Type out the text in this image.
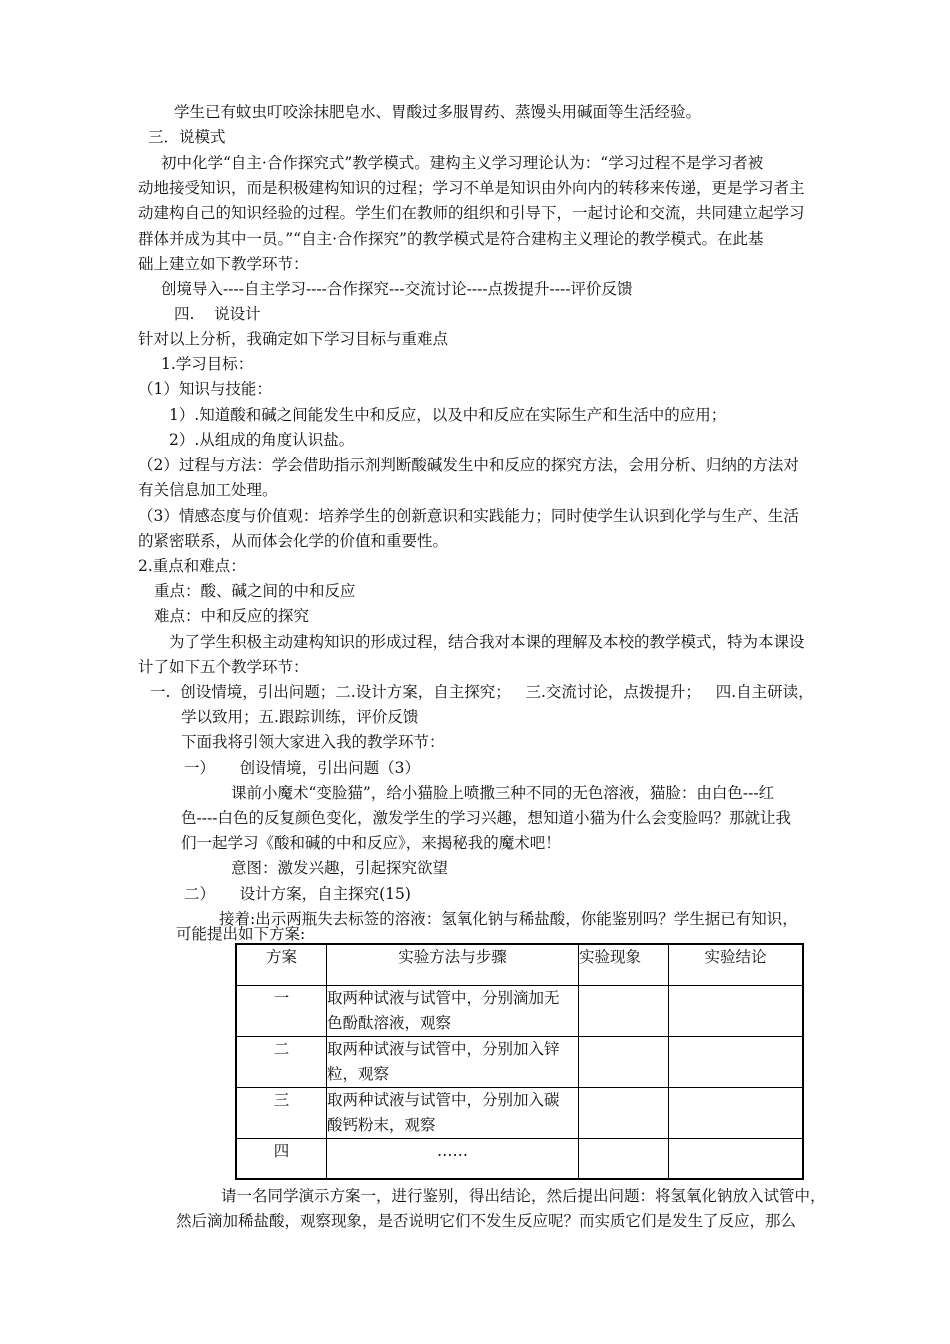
学生已有蚊虫叮咬涂抹肥皂水、胃酸过多服胃药、蒸馒头用碱面等生活经验。
三．说模式
初中化学“自主·合作探究式”教学模式。建构主义学习理论认为：“学习过程不是学习者被
动地接受知识，而是积极建构知识的过程；学习不单是知识由外向内的转移来传递，更是学习者主
动建构自己的知识经验的过程。学生们在教师的组织和引导下，一起讨论和交流，共同建立起学习
群体并成为其中一员。”“自主·合作探究”的教学模式是符合建构主义理论的教学模式。在此基
础上建立如下教学环节：
创境导入----自主学习----合作探究---交流讨论----点拨提升----评价反馈
四.    说设计
针对以上分析，我确定如下学习目标与重难点
1.学习目标：
（1）知识与技能：
1）.知道酸和碱之间能发生中和反应，以及中和反应在实际生产和生活中的应用；
2）.从组成的角度认识盐。
（2）过程与方法：学会借助指示剂判断酸碱发生中和反应的探究方法，会用分析、归纳的方法对
有关信息加工处理。
（3）情感态度与价值观：培养学生的创新意识和实践能力；同时使学生认识到化学与生产、生活
的紧密联系，从而体会化学的价值和重要性。
2.重点和难点：
重点：酸、碱之间的中和反应
难点：中和反应的探究
为了学生积极主动建构知识的形成过程，结合我对本课的理解及本校的教学模式，特为本课设
计了如下五个教学环节：
一.  创设情境，引出问题；二.设计方案，自主探究；   三.交流讨论，点拨提升；   四.自主研读，
学以致用；五.跟踪训练，评价反馈
下面我将引领大家进入我的教学环节：
一）     创设情境，引出问题（3）
课前小魔术“变脸猫”，给小猫脸上喷撒三种不同的无色溶液，猫脸：由白色---红
色----白色的反复颜色变化，激发学生的学习兴趣，想知道小猫为什么会变脸吗？那就让我
们一起学习《酸和碱的中和反应》，来揭秘我的魔术吧！
意图：激发兴趣，引起探究欲望
二）     设计方案，自主探究(15)
接着:出示两瓶失去标签的溶液：氢氧化钠与稀盐酸，你能鉴别吗？学生据已有知识，
可能提出如下方案:
方案	实验方法与步骤	实验现象	实验结论
一	取两种试液与试管中，分别滴加无
色酚酞溶液，观察		

二	取两种试液与试管中，分别加入锌
粒，观察		

三	取两种试液与试管中，分别加入碳
酸钙粉末，观察		

四	……		

请一名同学演示方案一，进行鉴别，得出结论，然后提出问题：将氢氧化钠放入试管中，
然后滴加稀盐酸，观察现象，是否说明它们不发生反应呢？而实质它们是发生了反应，那么
